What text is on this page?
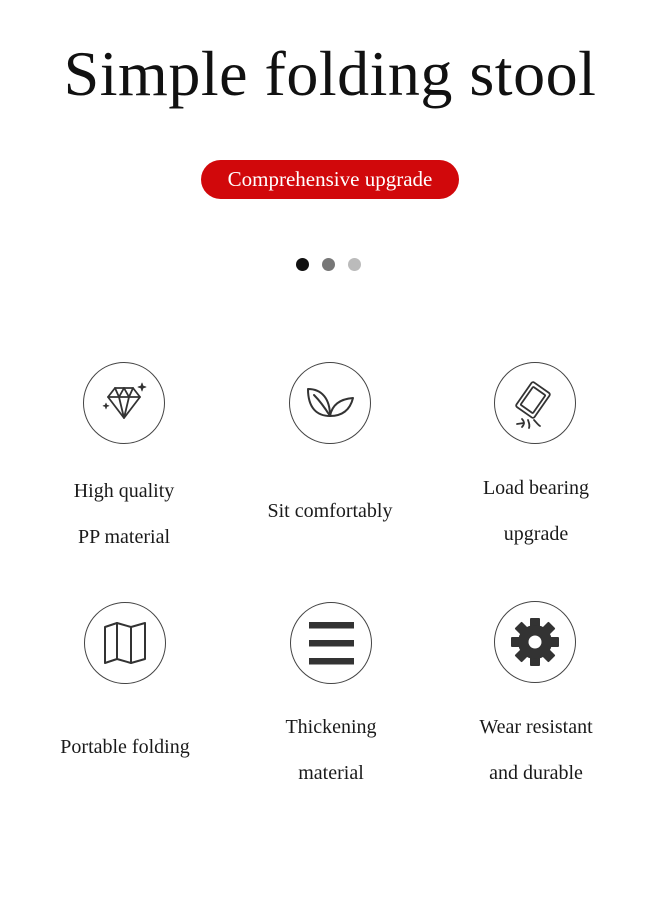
Simple folding stool
Comprehensive upgrade
High quality
PP material
Sit comfortably
Load bearing
upgrade
Portable folding
Thickening
material
Wear resistant
and durable
